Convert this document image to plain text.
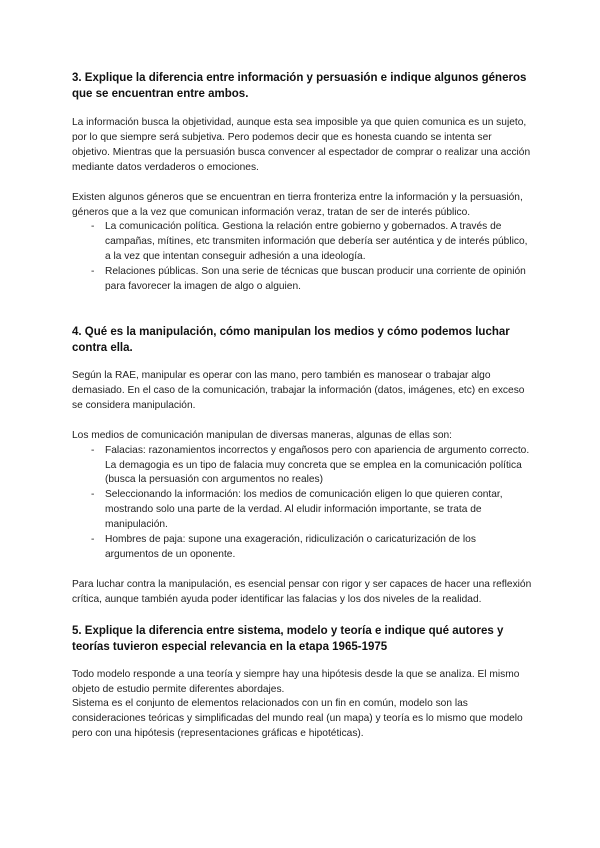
3. Explique la diferencia entre información y persuasión e indique algunos géneros que se encuentran entre ambos.

La información busca la objetividad, aunque esta sea imposible ya que quien comunica es un sujeto, por lo que siempre será subjetiva. Pero podemos decir que es honesta cuando se intenta ser objetivo. Mientras que la persuasión busca convencer al espectador de comprar o realizar una acción mediante datos verdaderos o emociones.

Existen algunos géneros que se encuentran en tierra fronteriza entre la información y la persuasión, géneros que a la vez que comunican información veraz, tratan de ser de interés público.

- La comunicación política. Gestiona la relación entre gobierno y gobernados. A través de campañas, mítines, etc transmiten información que debería ser auténtica y de interés público, a la vez que intentan conseguir adhesión a una ideología.
- Relaciones públicas. Son una serie de técnicas que buscan producir una corriente de opinión para favorecer la imagen de algo o alguien.
4. Qué es la manipulación, cómo manipulan los medios y cómo podemos luchar contra ella.

Según la RAE, manipular es operar con las mano, pero también es manosear o trabajar algo demasiado. En el caso de la comunicación, trabajar la información (datos, imágenes, etc) en exceso se considera manipulación.

Los medios de comunicación manipulan de diversas maneras, algunas de ellas son:

- Falacias: razonamientos incorrectos y engañosos pero con apariencia de argumento correcto. La demagogia es un tipo de falacia muy concreta que se emplea en la comunicación política (busca la persuasión con argumentos no reales)
- Seleccionando la información: los medios de comunicación eligen lo que quieren contar, mostrando solo una parte de la verdad. Al eludir información importante, se trata de manipulación.
- Hombres de paja: supone una exageración, ridiculización o caricaturización de los argumentos de un oponente.

Para luchar contra la manipulación, es esencial pensar con rigor y ser capaces de hacer una reflexión crítica, aunque también ayuda poder identificar las falacias y los dos niveles de la realidad.

5. Explique la diferencia entre sistema, modelo y teoría e indique qué autores y teorías tuvieron especial relevancia en la etapa 1965-1975

Todo modelo responde a una teoría y siempre hay una hipótesis desde la que se analiza. El mismo objeto de estudio permite diferentes abordajes.

Sistema es el conjunto de elementos relacionados con un fin en común, modelo son las consideraciones teóricas y simplificadas del mundo real (un mapa) y teoría es lo mismo que modelo pero con una hipótesis (representaciones gráficas e hipotéticas).
